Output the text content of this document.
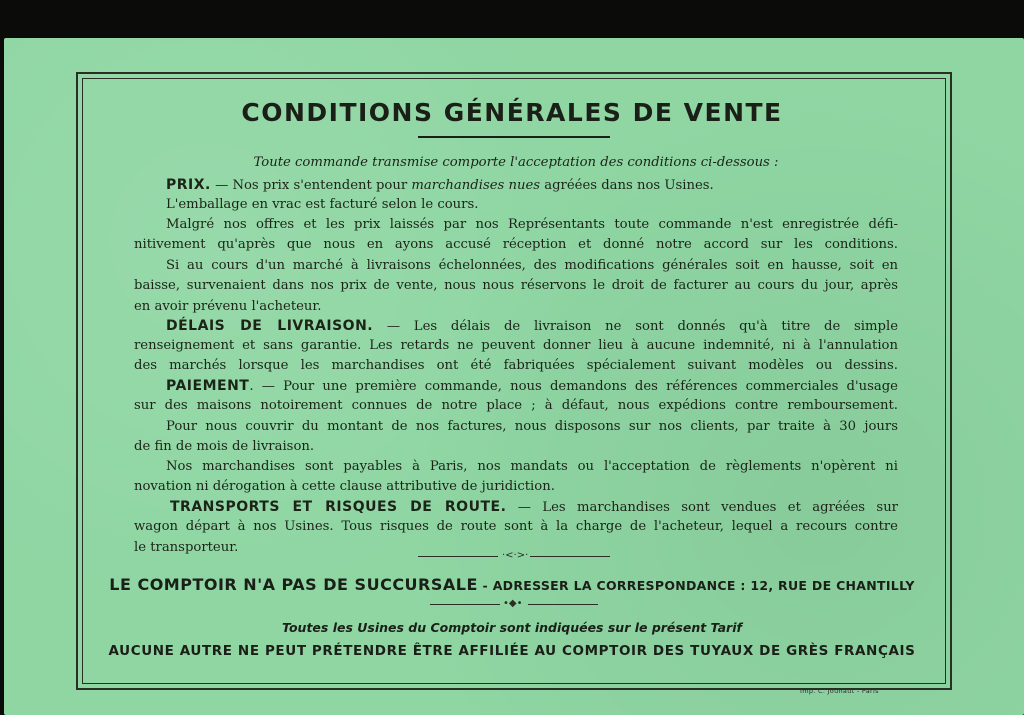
CONDITIONS GÉNÉRALES DE VENTE
Toute commande transmise comporte l'acceptation des conditions ci-dessous :
PRIX. — Nos prix s'entendent pour marchandises nues agréées dans nos Usines.
L'emballage en vrac est facturé selon le cours.
Malgré nos offres et les prix laissés par nos Représentants toute commande n'est enregistrée défi-
nitivement qu'après que nous en ayons accusé réception et donné notre accord sur les conditions.
Si au cours d'un marché à livraisons échelonnées, des modifications générales soit en hausse, soit en
baisse, survenaient dans nos prix de vente, nous nous réservons le droit de facturer au cours du jour, après
en avoir prévenu l'acheteur.
DÉLAIS DE LIVRAISON. — Les délais de livraison ne sont donnés qu'à titre de simple
renseignement et sans garantie. Les retards ne peuvent donner lieu à aucune indemnité, ni à l'annulation
des marchés lorsque les marchandises ont été fabriquées spécialement suivant modèles ou dessins.
PAIEMENT. — Pour une première commande, nous demandons des références commerciales d'usage
sur des maisons notoirement connues de notre place ; à défaut, nous expédions contre remboursement.
Pour nous couvrir du montant de nos factures, nous disposons sur nos clients, par traite à 30 jours
de fin de mois de livraison.
Nos marchandises sont payables à Paris, nos mandats ou l'acceptation de règlements n'opèrent ni
novation ni dérogation à cette clause attributive de juridiction.
TRANSPORTS ET RISQUES DE ROUTE. — Les marchandises sont vendues et agréées sur
wagon départ à nos Usines. Tous risques de route sont à la charge de l'acheteur, lequel a recours contre
le transporteur.
·<·>·
LE COMPTOIR N'A PAS DE SUCCURSALE - ADRESSER LA CORRESPONDANCE : 12, RUE DE CHANTILLY
•◆•
Toutes les Usines du Comptoir sont indiquées sur le présent Tarif
AUCUNE AUTRE NE PEUT PRÉTENDRE ÊTRE AFFILIÉE AU COMPTOIR DES TUYAUX DE GRÈS FRANÇAIS
Imp. C. Jouhaut - Paris
